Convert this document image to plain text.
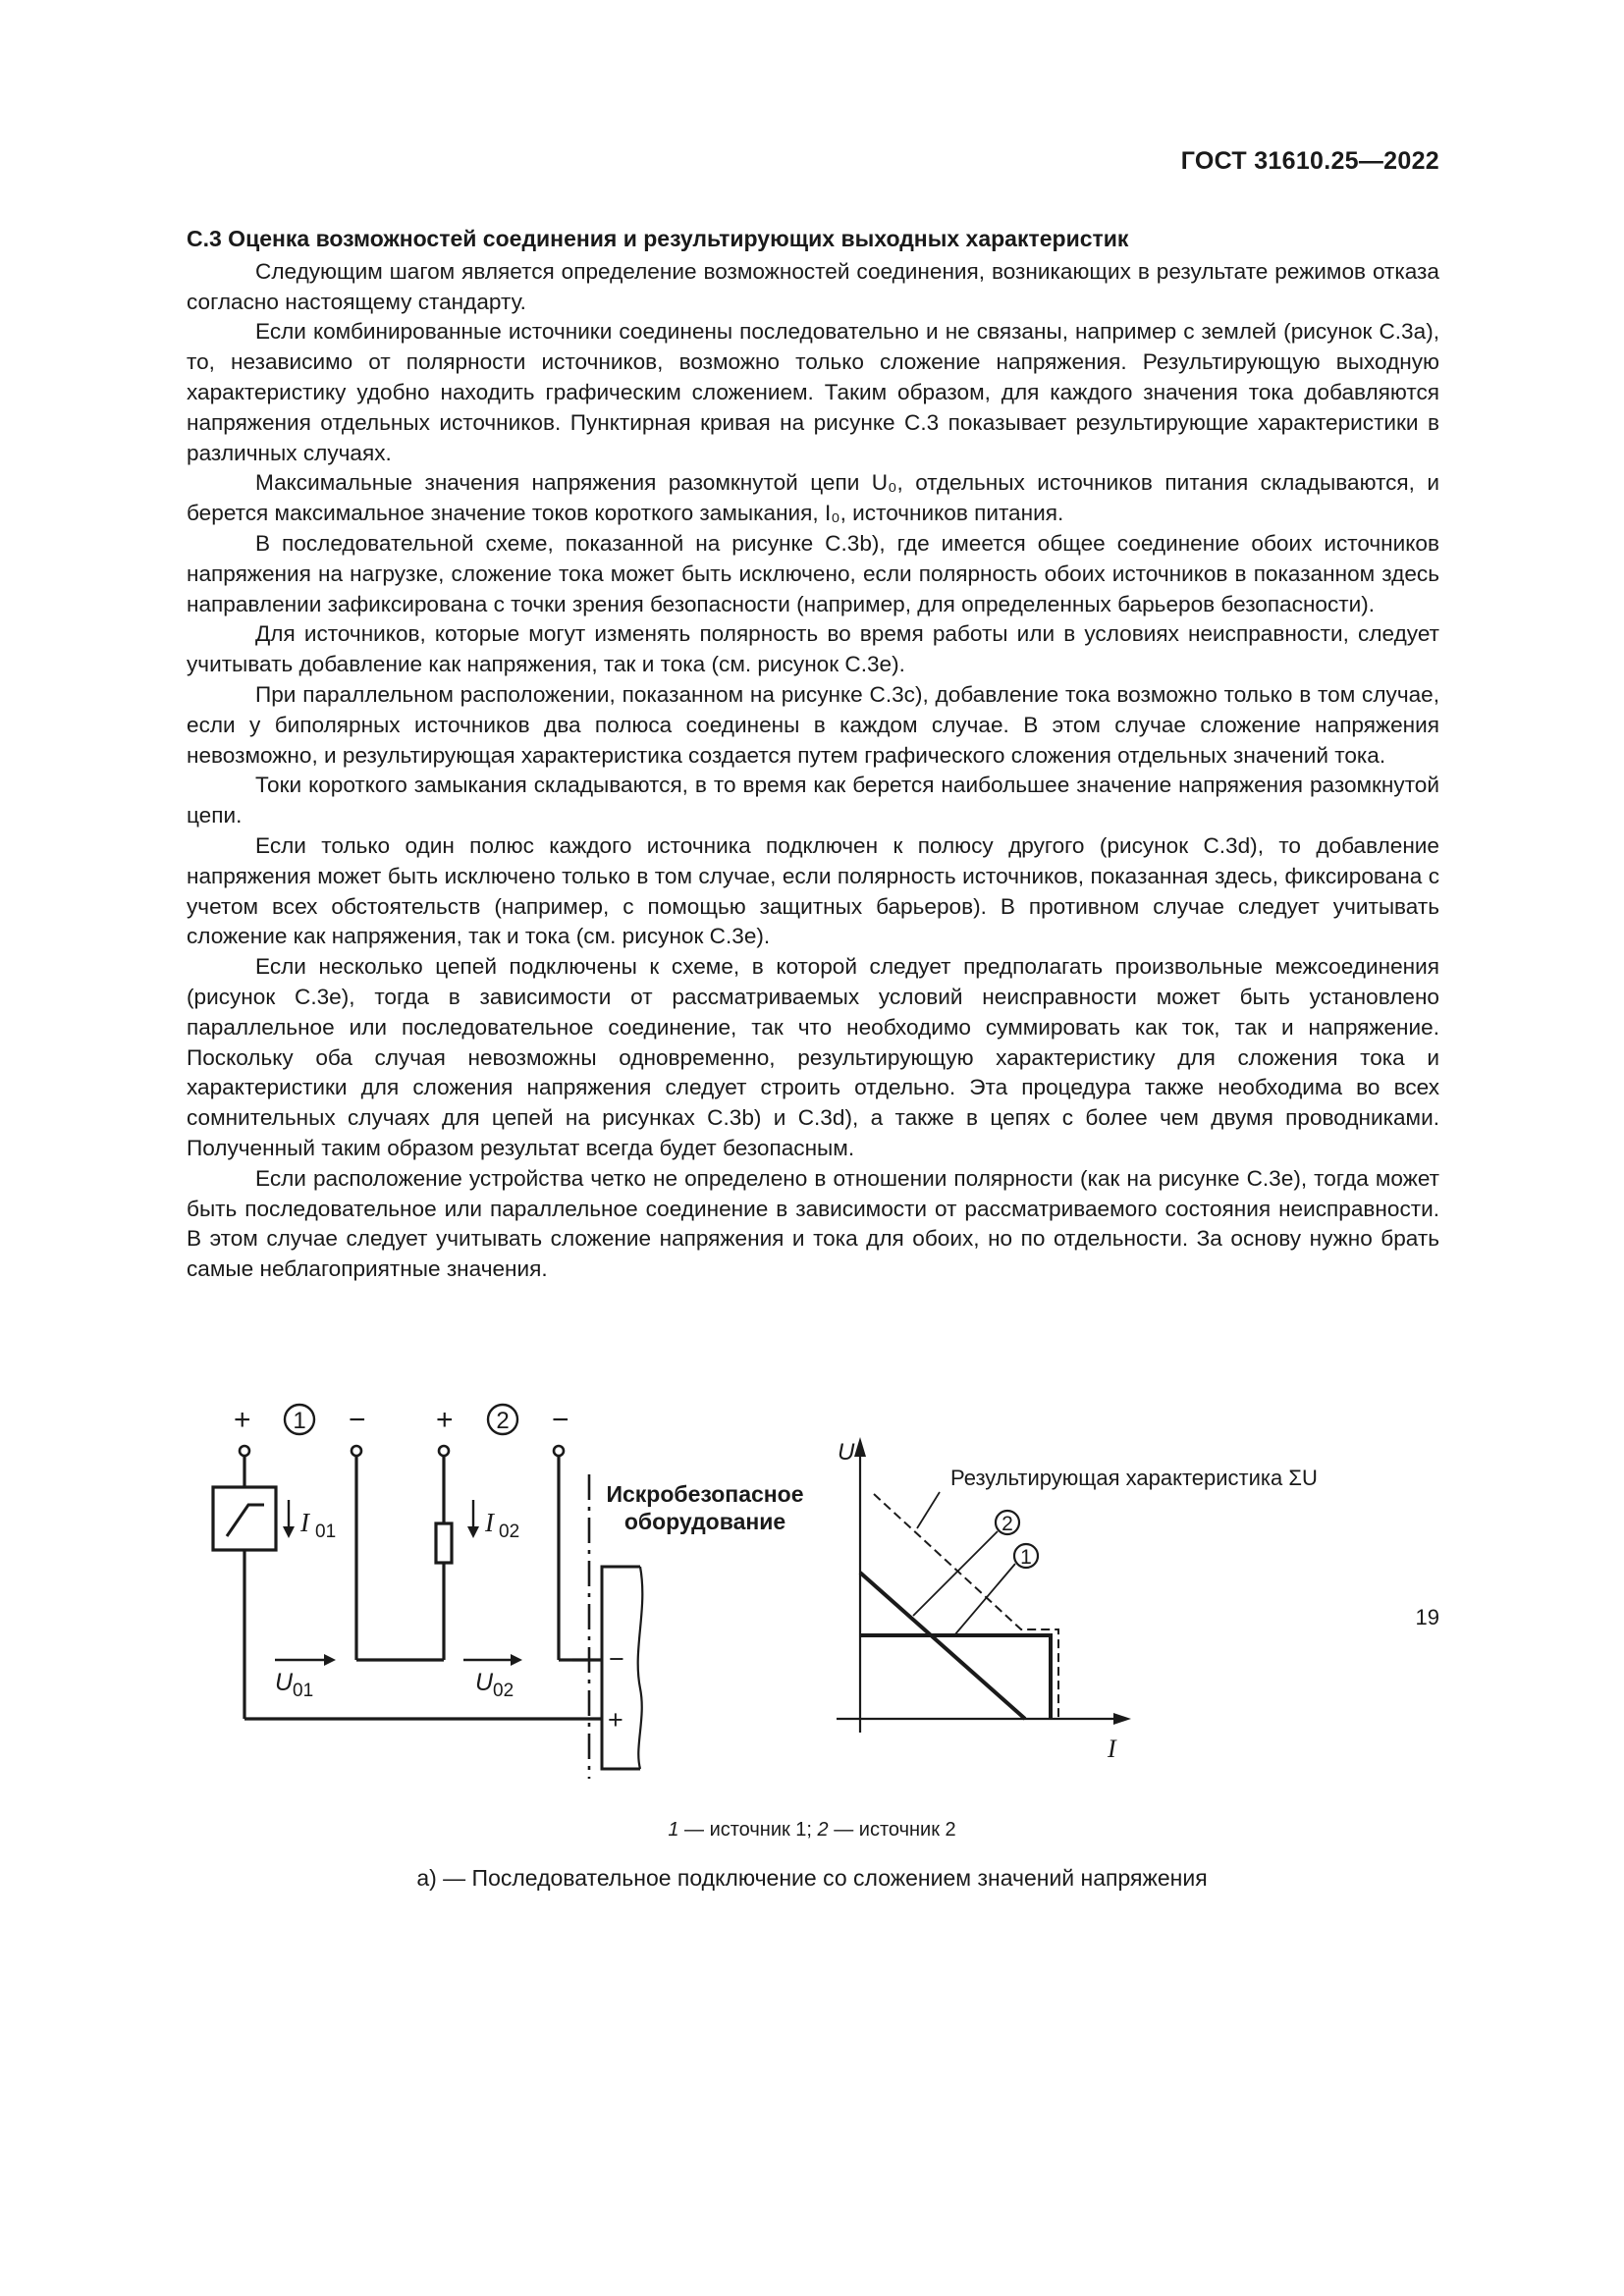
ГОСТ 31610.25—2022
С.3 Оценка возможностей соединения и результирующих выходных характеристик

Следующим шагом является определение возможностей соединения, возникающих в результате режимов отказа согласно настоящему стандарту.

Если комбинированные источники соединены последовательно и не связаны, например с землей (рисунок С.3а), то, независимо от полярности источников, возможно только сложение напряжения. Результирующую выходную характеристику удобно находить графическим сложением. Таким образом, для каждого значения тока добавляются напряжения отдельных источников. Пунктирная кривая на рисунке С.3 показывает результирующие характеристики в различных случаях.

Максимальные значения напряжения разомкнутой цепи U₀, отдельных источников питания складываются, и берется максимальное значение токов короткого замыкания, I₀, источников питания.

В последовательной схеме, показанной на рисунке С.3b), где имеется общее соединение обоих источников напряжения на нагрузке, сложение тока может быть исключено, если полярность обоих источников в показанном здесь направлении зафиксирована с точки зрения безопасности (например, для определенных барьеров безопасности).

Для источников, которые могут изменять полярность во время работы или в условиях неисправности, следует учитывать добавление как напряжения, так и тока (см. рисунок С.3е).

При параллельном расположении, показанном на рисунке С.3с), добавление тока возможно только в том случае, если у биполярных источников два полюса соединены в каждом случае. В этом случае сложение напряжения невозможно, и результирующая характеристика создается путем графического сложения отдельных значений тока.

Токи короткого замыкания складываются, в то время как берется наибольшее значение напряжения разомкнутой цепи.

Если только один полюс каждого источника подключен к полюсу другого (рисунок С.3d), то добавление напряжения может быть исключено только в том случае, если полярность источников, показанная здесь, фиксирована с учетом всех обстоятельств (например, с помощью защитных барьеров). В противном случае следует учитывать сложение как напряжения, так и тока (см. рисунок С.3е).

Если несколько цепей подключены к схеме, в которой следует предполагать произвольные межсоединения (рисунок С.3е), тогда в зависимости от рассматриваемых условий неисправности может быть установлено параллельное или последовательное соединение, так что необходимо суммировать как ток, так и напряжение. Поскольку оба случая невозможны одновременно, результирующую характеристику для сложения тока и характеристики для сложения напряжения следует строить отдельно. Эта процедура также необходима во всех сомнительных случаях для цепей на рисунках С.3b) и С.3d), а также в цепях с более чем двумя проводниками. Полученный таким образом результат всегда будет безопасным.

Если расположение устройства четко не определено в отношении полярности (как на рисунке С.3е), тогда может быть последовательное или параллельное соединение в зависимости от рассматриваемого состояния неисправности. В этом случае следует учитывать сложение напряжения и тока для обоих, но по отдельности. За основу нужно брать самые неблагоприятные значения.

+ 1 − + 2 −
I 01	I 02
U 01	U 02
Искробезопасное
оборудование
−
+
U
I
Результирующая характеристика ΣU
2
1
1 — источник 1; 2 — источник 2
а) — Последовательное подключение со сложением значений напряжения
19
